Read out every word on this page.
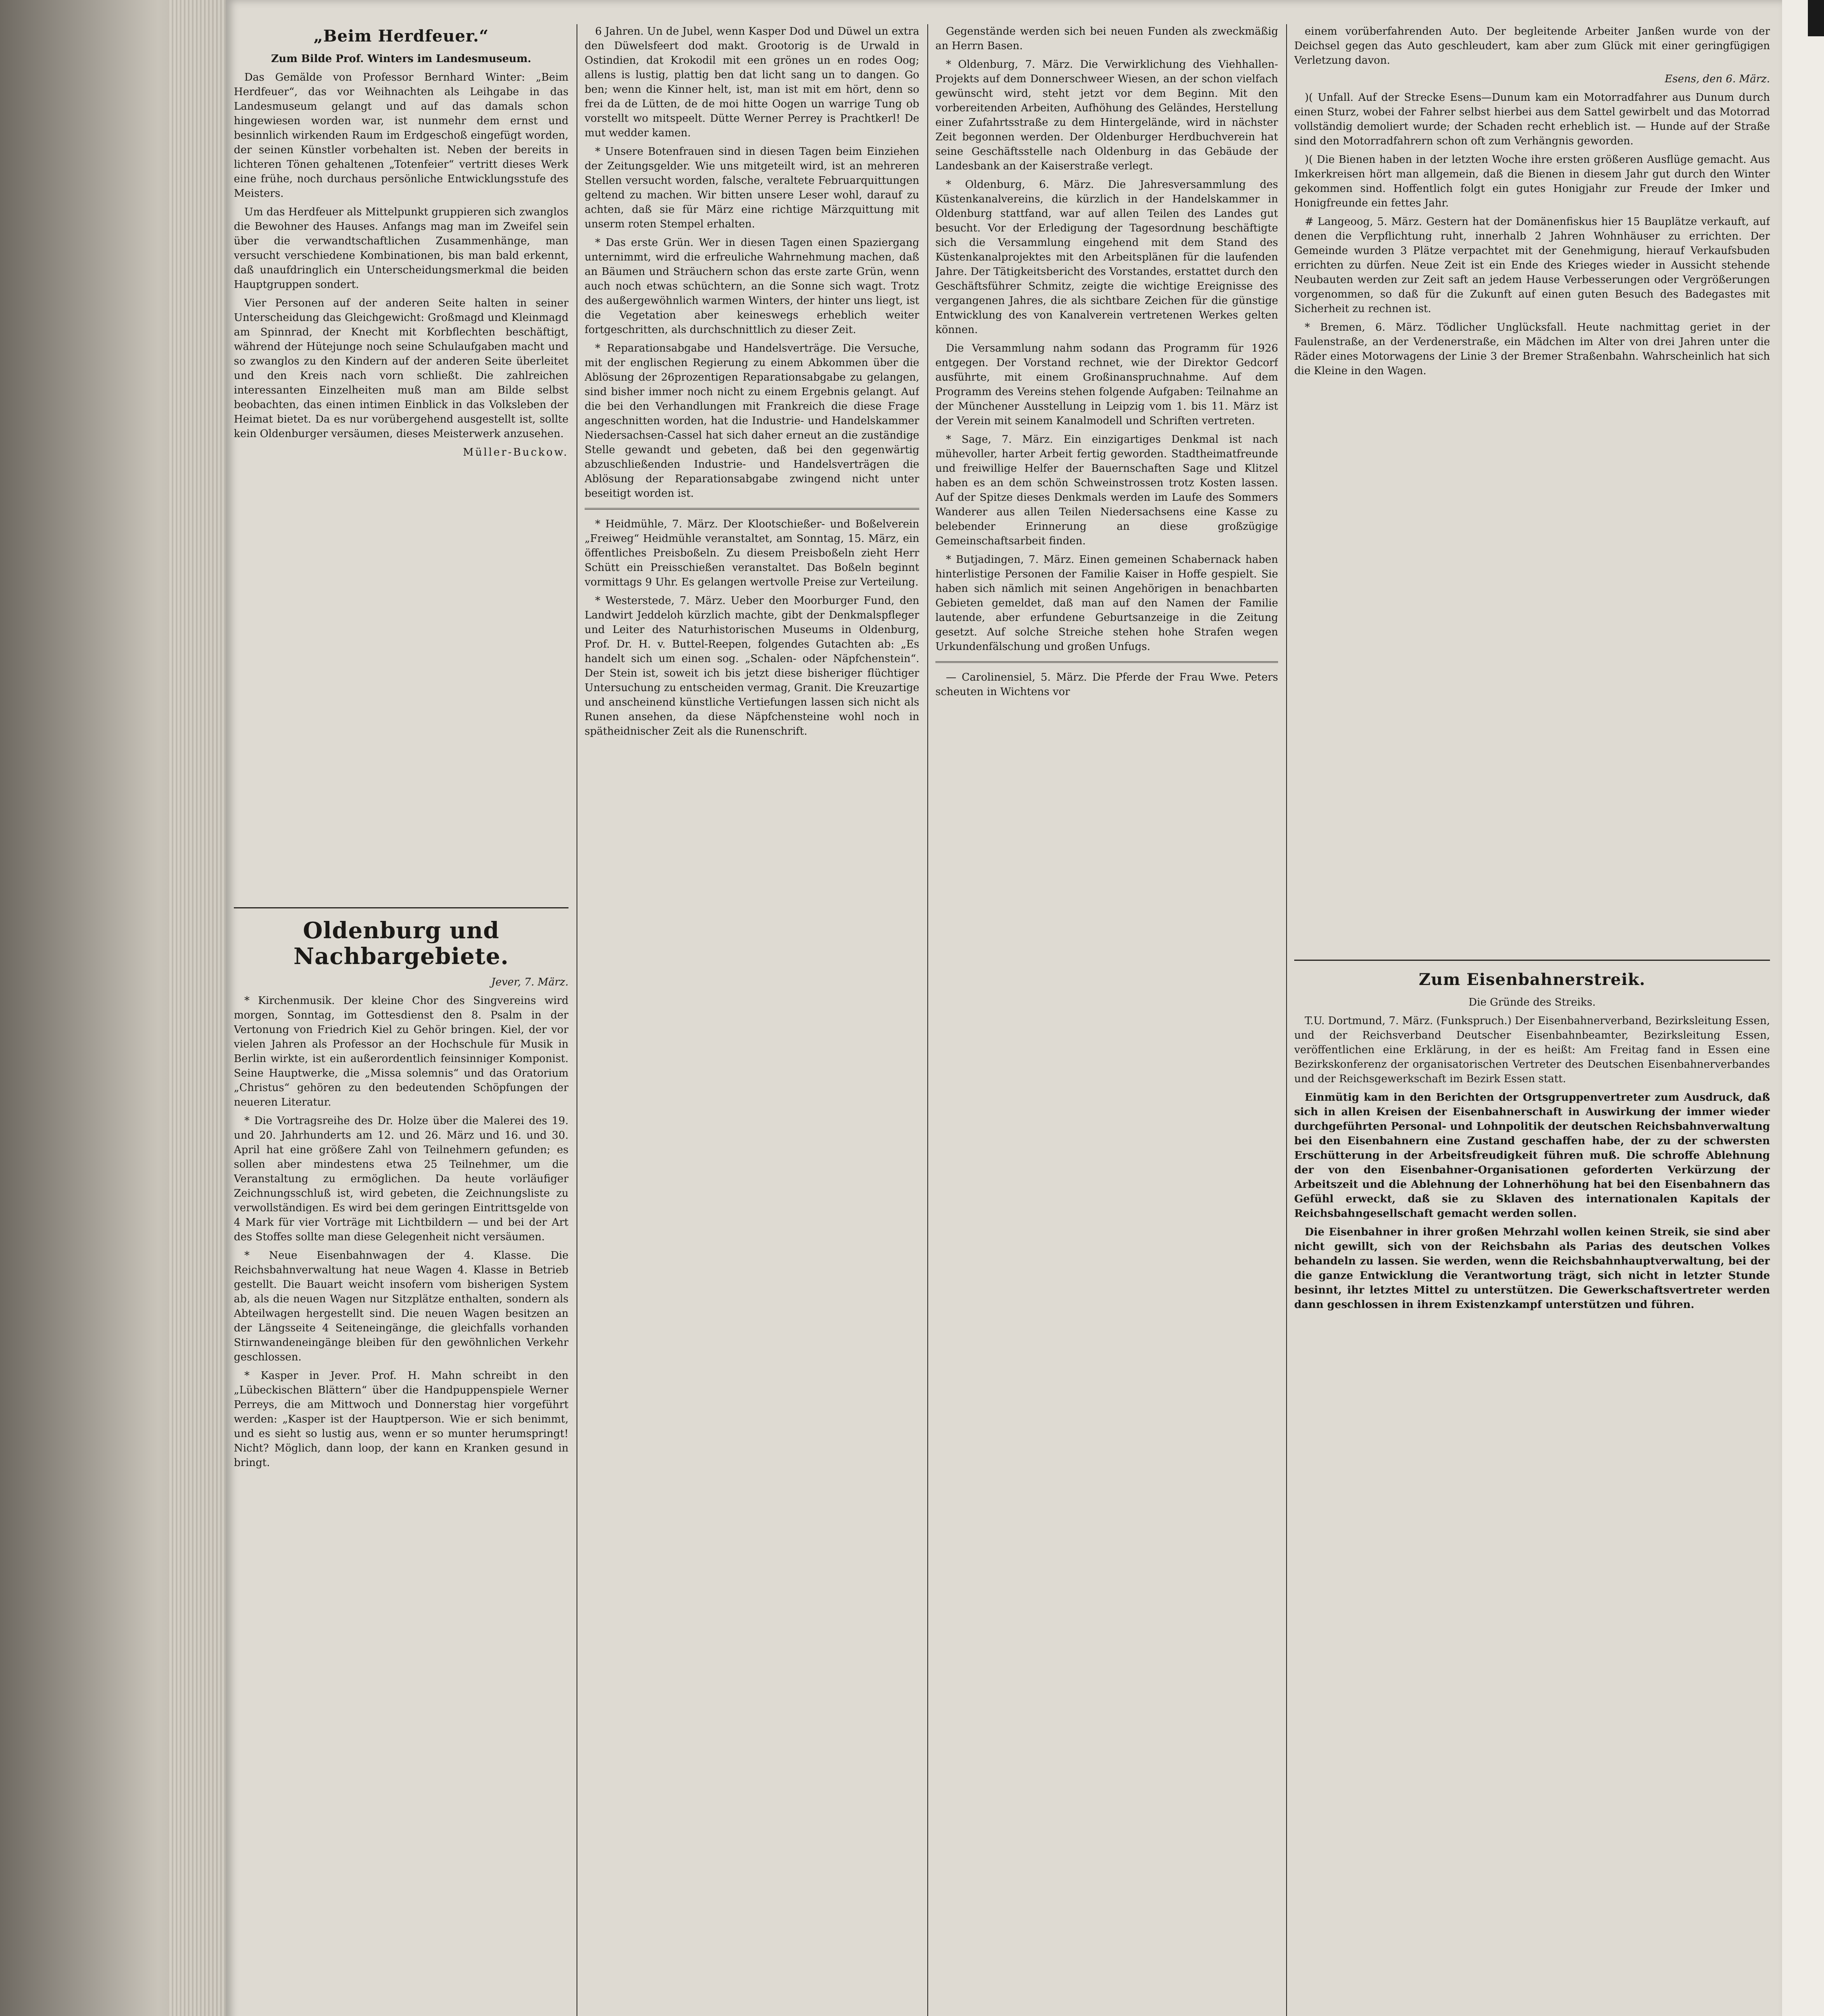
„Beim Herdfeuer.“

Zum Bilde Prof. Winters im Landesmuseum.

Das Gemälde von Professor Bernhard Winter: „Beim Herdfeuer“, das vor Weihnachten als Leihgabe in das Landesmuseum gelangt und auf das damals schon hingewiesen worden war, ist nunmehr dem ernst und besinnlich wirkenden Raum im Erdgeschoß eingefügt worden, der seinen Künstler vorbehalten ist. Neben der bereits in lichteren Tönen gehaltenen „Totenfeier“ vertritt dieses Werk eine frühe, noch durchaus persönliche Entwicklungsstufe des Meisters.

Um das Herdfeuer als Mittelpunkt gruppieren sich zwanglos die Bewohner des Hauses. Anfangs mag man im Zweifel sein über die verwandtschaftlichen Zusammenhänge, man versucht verschiedene Kombinationen, bis man bald erkennt, daß unaufdringlich ein Unterscheidungsmerkmal die beiden Hauptgruppen sondert.

Vier Personen auf der anderen Seite halten in seiner Unterscheidung das Gleichgewicht: Großmagd und Kleinmagd am Spinnrad, der Knecht mit Korbflechten beschäftigt, während der Hütejunge noch seine Schulaufgaben macht und so zwanglos zu den Kindern auf der anderen Seite überleitet und den Kreis nach vorn schließt. Die zahlreichen interessanten Einzelheiten muß man am Bilde selbst beobachten, das einen intimen Einblick in das Volksleben der Heimat bietet. Da es nur vorübergehend ausgestellt ist, sollte kein Oldenburger versäumen, dieses Meisterwerk anzusehen.

Müller-Buckow.
Oldenburg und Nachbargebiete.
Jever, 7. März.

* Kirchenmusik. Der kleine Chor des Singvereins wird morgen, Sonntag, im Gottesdienst den 8. Psalm in der Vertonung von Friedrich Kiel zu Gehör bringen. Kiel, der vor vielen Jahren als Professor an der Hochschule für Musik in Berlin wirkte, ist ein außerordentlich feinsinniger Komponist. Seine Hauptwerke, die „Missa solemnis“ und das Oratorium „Christus“ gehören zu den bedeutenden Schöpfungen der neueren Literatur.

* Die Vortragsreihe des Dr. Holze über die Malerei des 19. und 20. Jahrhunderts am 12. und 26. März und 16. und 30. April hat eine größere Zahl von Teilnehmern gefunden; es sollen aber mindestens etwa 25 Teilnehmer, um die Veranstaltung zu ermöglichen. Da heute vorläufiger Zeichnungsschluß ist, wird gebeten, die Zeichnungsliste zu verwollständigen. Es wird bei dem geringen Eintrittsgelde von 4 Mark für vier Vorträge mit Lichtbildern — und bei der Art des Stoffes sollte man diese Gelegenheit nicht versäumen.

* Neue Eisenbahnwagen der 4. Klasse. Die Reichsbahnverwaltung hat neue Wagen 4. Klasse in Betrieb gestellt. Die Bauart weicht insofern vom bisherigen System ab, als die neuen Wagen nur Sitzplätze enthalten, sondern als Abteilwagen hergestellt sind. Die neuen Wagen besitzen an der Längsseite 4 Seiteneingänge, die gleichfalls vorhanden Stirnwandeneingänge bleiben für den gewöhnlichen Verkehr geschlossen.

* Kasper in Jever. Prof. H. Mahn schreibt in den „Lübeckischen Blättern“ über die Handpuppenspiele Werner Perreys, die am Mittwoch und Donnerstag hier vorgeführt werden: „Kasper ist der Hauptperson. Wie er sich benimmt, und es sieht so lustig aus, wenn er so munter herumspringt! Nicht? Möglich, dann loop, der kann en Kranken gesund in bringt.

6 Jahren. Un de Jubel, wenn Kasper Dod und Düwel un extra den Düwelsfeert dod makt. Grootorig is de Urwald in Ostindien, dat Krokodil mit een grönes un en rodes Oog; allens is lustig, plattig ben dat licht sang un to dangen. Go ben; wenn die Kinner helt, ist, man ist mit em hört, denn so frei da de Lütten, de de moi hitte Oogen un warrige Tung ob vorstellt wo mitspeelt. Dütte Werner Perrey is Prachtkerl! De mut wedder kamen.

* Unsere Botenfrauen sind in diesen Tagen beim Einziehen der Zeitungsgelder. Wie uns mitgeteilt wird, ist an mehreren Stellen versucht worden, falsche, veraltete Februarquittungen geltend zu machen. Wir bitten unsere Leser wohl, darauf zu achten, daß sie für März eine richtige Märzquittung mit unserm roten Stempel erhalten.

* Das erste Grün. Wer in diesen Tagen einen Spaziergang unternimmt, wird die erfreuliche Wahrnehmung machen, daß an Bäumen und Sträuchern schon das erste zarte Grün, wenn auch noch etwas schüchtern, an die Sonne sich wagt. Trotz des außergewöhnlich warmen Winters, der hinter uns liegt, ist die Vegetation aber keineswegs erheblich weiter fortgeschritten, als durchschnittlich zu dieser Zeit.

* Reparationsabgabe und Handelsverträge. Die Versuche, mit der englischen Regierung zu einem Abkommen über die Ablösung der 26prozentigen Reparationsabgabe zu gelangen, sind bisher immer noch nicht zu einem Ergebnis gelangt. Auf die bei den Verhandlungen mit Frankreich die diese Frage angeschnitten worden, hat die Industrie- und Handelskammer Niedersachsen-Cassel hat sich daher erneut an die zuständige Stelle gewandt und gebeten, daß bei den gegenwärtig abzuschließenden Industrie- und Handelsverträgen die Ablösung der Reparationsabgabe zwingend nicht unter beseitigt worden ist.

* Heidmühle, 7. März. Der Klootschießer- und Boßelverein „Freiweg“ Heidmühle veranstaltet, am Sonntag, 15. März, ein öffentliches Preisboßeln. Zu diesem Preisboßeln zieht Herr Schütt ein Preisschießen veranstaltet. Das Boßeln beginnt vormittags 9 Uhr. Es gelangen wertvolle Preise zur Verteilung.

* Westerstede, 7. März. Ueber den Moorburger Fund, den Landwirt Jeddeloh kürzlich machte, gibt der Denkmalspfleger und Leiter des Naturhistorischen Museums in Oldenburg, Prof. Dr. H. v. Buttel-Reepen, folgendes Gutachten ab: „Es handelt sich um einen sog. „Schalen- oder Näpfchenstein“. Der Stein ist, soweit ich bis jetzt diese bisheriger flüchtiger Untersuchung zu entscheiden vermag, Granit. Die Kreuzartige und anscheinend künstliche Vertiefungen lassen sich nicht als Runen ansehen, da diese Näpfchensteine wohl noch in spätheidnischer Zeit als die Runenschrift.

Gegenstände werden sich bei neuen Funden als zweckmäßig an Herrn Basen.

* Oldenburg, 7. März. Die Verwirklichung des Viehhallen-Projekts auf dem Donnerschweer Wiesen, an der schon vielfach gewünscht wird, steht jetzt vor dem Beginn. Mit den vorbereitenden Arbeiten, Aufhöhung des Geländes, Herstellung einer Zufahrtsstraße zu dem Hintergelände, wird in nächster Zeit begonnen werden. Der Oldenburger Herdbuchverein hat seine Geschäftsstelle nach Oldenburg in das Gebäude der Landesbank an der Kaiserstraße verlegt.

* Oldenburg, 6. März. Die Jahresversammlung des Küstenkanalvereins, die kürzlich in der Handelskammer in Oldenburg stattfand, war auf allen Teilen des Landes gut besucht. Vor der Erledigung der Tagesordnung beschäftigte sich die Versammlung eingehend mit dem Stand des Küstenkanalprojektes mit den Arbeitsplänen für die laufenden Jahre. Der Tätigkeitsbericht des Vorstandes, erstattet durch den Geschäftsführer Schmitz, zeigte die wichtige Ereignisse des vergangenen Jahres, die als sichtbare Zeichen für die günstige Entwicklung des von Kanalverein vertretenen Werkes gelten können.

Die Versammlung nahm sodann das Programm für 1926 entgegen. Der Vorstand rechnet, wie der Direktor Gedcorf ausführte, mit einem Großinanspruchnahme. Auf dem Programm des Vereins stehen folgende Aufgaben: Teilnahme an der Münchener Ausstellung in Leipzig vom 1. bis 11. März ist der Verein mit seinem Kanalmodell und Schriften vertreten.

* Sage, 7. März. Ein einzigartiges Denkmal ist nach mühevoller, harter Arbeit fertig geworden. Stadtheimatfreunde und freiwillige Helfer der Bauernschaften Sage und Klitzel haben es an dem schön Schweinstrossen trotz Kosten lassen. Auf der Spitze dieses Denkmals werden im Laufe des Sommers Wanderer aus allen Teilen Niedersachsens eine Kasse zu belebender Erinnerung an diese großzügige Gemeinschaftsarbeit finden.

* Butjadingen, 7. März. Einen gemeinen Schabernack haben hinterlistige Personen der Familie Kaiser in Hoffe gespielt. Sie haben sich nämlich mit seinen Angehörigen in benachbarten Gebieten gemeldet, daß man auf den Namen der Familie lautende, aber erfundene Geburtsanzeige in die Zeitung gesetzt. Auf solche Streiche stehen hohe Strafen wegen Urkundenfälschung und großen Unfugs.

— Carolinensiel, 5. März. Die Pferde der Frau Wwe. Peters scheuten in Wichtens vor

einem vorüberfahrenden Auto. Der begleitende Arbeiter Janßen wurde von der Deichsel gegen das Auto geschleudert, kam aber zum Glück mit einer geringfügigen Verletzung davon.

Esens, den 6. März.

)( Unfall. Auf der Strecke Esens—Dunum kam ein Motorradfahrer aus Dunum durch einen Sturz, wobei der Fahrer selbst hierbei aus dem Sattel gewirbelt und das Motorrad vollständig demoliert wurde; der Schaden recht erheblich ist. — Hunde auf der Straße sind den Motorradfahrern schon oft zum Verhängnis geworden.

)( Die Bienen haben in der letzten Woche ihre ersten größeren Ausflüge gemacht. Aus Imkerkreisen hört man allgemein, daß die Bienen in diesem Jahr gut durch den Winter gekommen sind. Hoffentlich folgt ein gutes Honigjahr zur Freude der Imker und Honigfreunde ein fettes Jahr.

# Langeoog, 5. März. Gestern hat der Domänenfiskus hier 15 Bauplätze verkauft, auf denen die Verpflichtung ruht, innerhalb 2 Jahren Wohnhäuser zu errichten. Der Gemeinde wurden 3 Plätze verpachtet mit der Genehmigung, hierauf Verkaufsbuden errichten zu dürfen. Neue Zeit ist ein Ende des Krieges wieder in Aussicht stehende Neubauten werden zur Zeit saft an jedem Hause Verbesserungen oder Vergrößerungen vorgenommen, so daß für die Zukunft auf einen guten Besuch des Badegastes mit Sicherheit zu rechnen ist.

* Bremen, 6. März. Tödlicher Unglücksfall. Heute nachmittag geriet in der Faulenstraße, an der Verdenerstraße, ein Mädchen im Alter von drei Jahren unter die Räder eines Motorwagens der Linie 3 der Bremer Straßenbahn. Wahrscheinlich hat sich die Kleine in den Wagen.

Zum Eisenbahnerstreik.

Die Gründe des Streiks.

T.U. Dortmund, 7. März. (Funkspruch.) Der Eisenbahnerverband, Bezirksleitung Essen, und der Reichsverband Deutscher Eisenbahnbeamter, Bezirksleitung Essen, veröffentlichen eine Erklärung, in der es heißt: Am Freitag fand in Essen eine Bezirkskonferenz der organisatorischen Vertreter des Deutschen Eisenbahnerverbandes und der Reichsgewerkschaft im Bezirk Essen statt.

Einmütig kam in den Berichten der Ortsgruppenvertreter zum Ausdruck, daß sich in allen Kreisen der Eisenbahnerschaft in Auswirkung der immer wieder durchgeführten Personal- und Lohnpolitik der deutschen Reichsbahnverwaltung bei den Eisenbahnern eine Zustand geschaffen habe, der zu der schwersten Erschütterung in der Arbeitsfreudigkeit führen muß. Die schroffe Ablehnung der von den Eisenbahner-Organisationen geforderten Verkürzung der Arbeitszeit und die Ablehnung der Lohnerhöhung hat bei den Eisenbahnern das Gefühl erweckt, daß sie zu Sklaven des internationalen Kapitals der Reichsbahngesellschaft gemacht werden sollen.

Die Eisenbahner in ihrer großen Mehrzahl wollen keinen Streik, sie sind aber nicht gewillt, sich von der Reichsbahn als Parias des deutschen Volkes behandeln zu lassen. Sie werden, wenn die Reichsbahnhauptverwaltung, bei der die ganze Entwicklung die Verantwortung trägt, sich nicht in letzter Stunde besinnt, ihr letztes Mittel zu unterstützen. Die Gewerkschaftsvertreter werden dann geschlossen in ihrem Existenzkampf unterstützen und führen.
